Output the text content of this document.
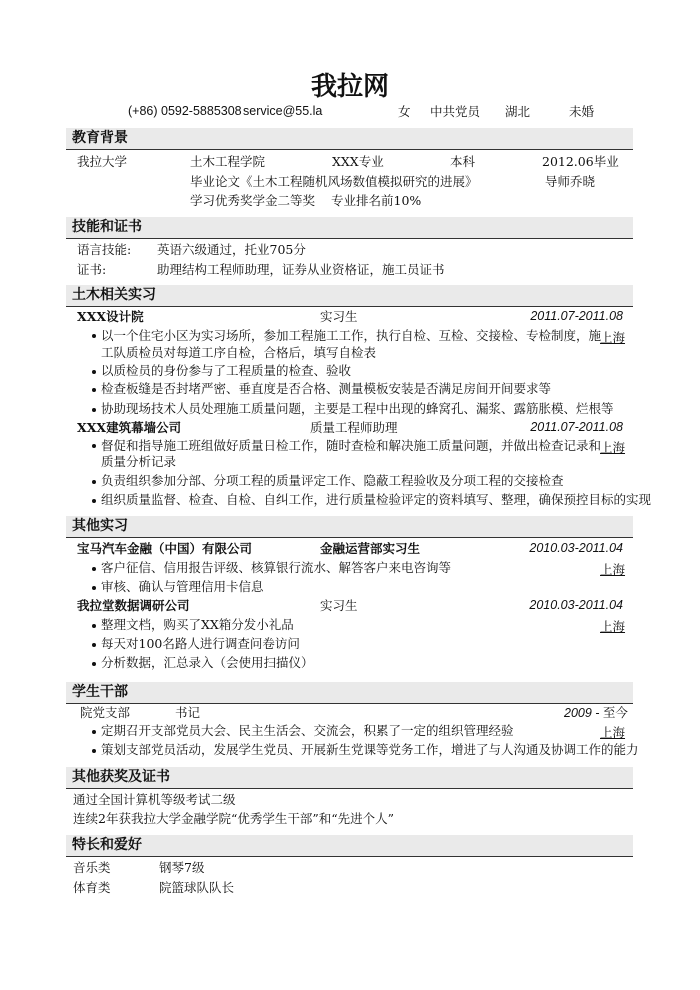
我拉网
(+86) 0592-5885308 service@55.la	女 中共党员 湖北	未婚
教育背景
我拉大学	土木工程学院	XXX专业	本科	2012.06毕业
毕业论文《土木工程随机风场数值模拟研究的进展》	导师乔晓
学习优秀奖学金二等奖 专业排名前10%
技能和证书
语言技能: 英语六级通过，托业705分
证书:	助理结构工程师助理，证券从业资格证，施工员证书
土木相关实习
XXX设计院	实习生	2011.07-2011.08
以一个住宅小区为实习场所，参加工程施工工作，执行自检、互检、交接检、专检制度，施
上海
工队质检员对每道工序自检，合格后，填写自检表
以质检员的身份参与了工程质量的检查、验收
检查板缝是否封堵严密、垂直度是否合格、测量模板安装是否满足房间开间要求等
协助现场技术人员处理施工质量问题，主要是工程中出现的蜂窝孔、漏浆、露筋胀模、烂根等
XXX建筑幕墙公司	质量工程师助理	2011.07-2011.08
督促和指导施工班组做好质量日检工作，随时查检和解决施工质量问题，并做出检查记录和
上海
质量分析记录
负责组织参加分部、分项工程的质量评定工作、隐蔽工程验收及分项工程的交接检查
组织质量监督、检查、自检、自纠工作，进行质量检验评定的资料填写、整理，确保预控目标的实现
其他实习
宝马汽车金融（中国）有限公司	金融运营部实习生	2010.03-2011.04
客户征信、信用报告评级、核算银行流水、解答客户来电咨询等	上海
审核、确认与管理信用卡信息
我拉堂数据调研公司	实习生	2010.03-2011.04
整理文档，购买了XX箱分发小礼品	上海
每天对100名路人进行调查问卷访问
分析数据，汇总录入（会使用扫描仪）
学生干部
院党支部	书记	2009 - 至今
定期召开支部党员大会、民主生活会、交流会，积累了一定的组织管理经验	上海
策划支部党员活动，发展学生党员、开展新生党课等党务工作，增进了与人沟通及协调工作的能力
其他获奖及证书
通过全国计算机等级考试二级
连续2年获我拉大学金融学院“优秀学生干部”和“先进个人”
特长和爱好
音乐类	钢琴7级
体育类	院篮球队队长
